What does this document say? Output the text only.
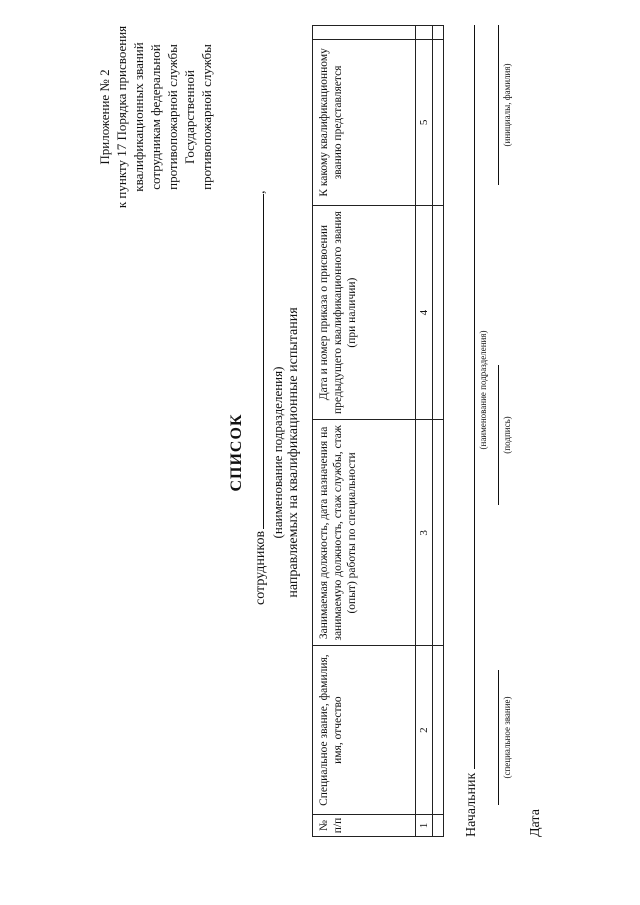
Приложение № 2 к пункту 17 Порядка присвоения квалификационных званий сотрудникам федеральной противопожарной службы Государственной противопожарной службы
СПИСОК
сотрудников,
(наименование подразделения) направляемых на квалификационные испытания
№ п/п	Специальное звание, фамилия, имя, отчество	Занимаемая должность, дата назначения на занимаемую должность, стаж службы, стаж (опыт) работы по специальности	Дата и номер приказа о присвоении предыдущего квалификационного звания (при наличии)	К какому квалификационному званию представляется	
1	2	3	4	5	

Начальник
(наименование подразделения)
(специальное звание)
(подпись)
(инициалы, фамилия)
Дата
